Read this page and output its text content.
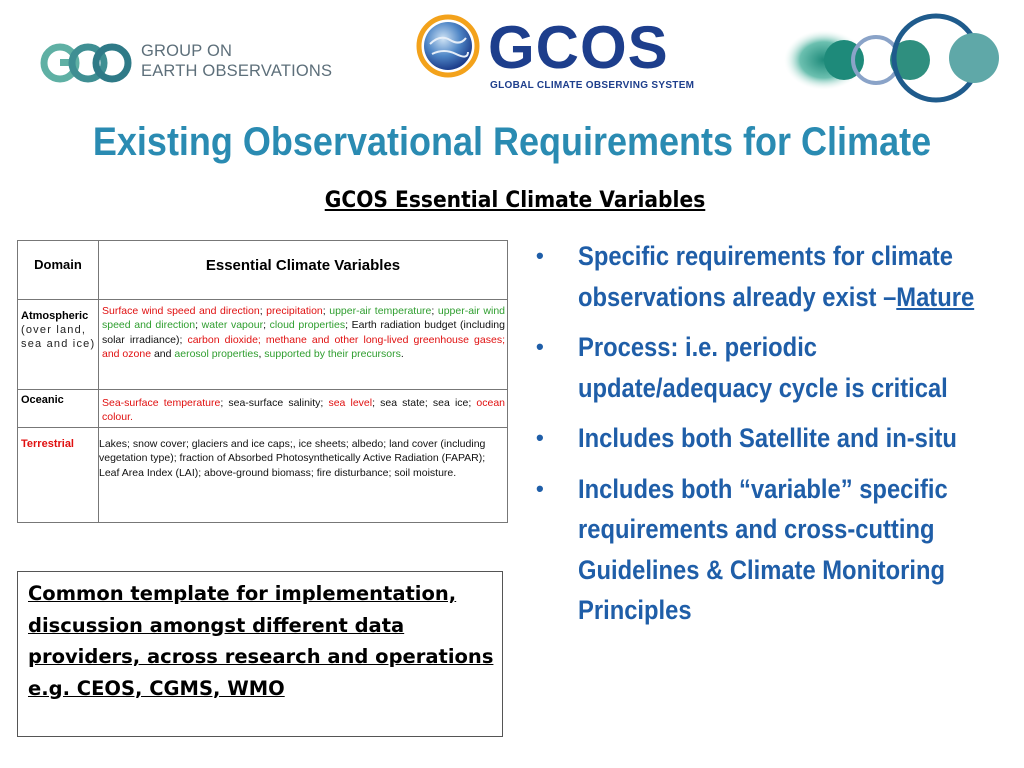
GROUP ON
EARTH OBSERVATIONS	GCOS
GLOBAL CLIMATE OBSERVING SYSTEM
Existing Observational Requirements for Climate
GCOS Essential Climate Variables
Domain	Essential Climate Variables
Atmospheric
(over land, sea and ice)	Surface wind speed and direction; precipitation; upper-air temperature; upper-air wind speed and direction; water vapour; cloud properties; Earth radiation budget (including solar irradiance); carbon dioxide; methane and other long-lived greenhouse gases; and ozone and aerosol properties, supported by their precursors.
Oceanic	Sea-surface temperature; sea-surface salinity; sea level; sea state; sea ice; ocean colour.
Terrestrial	Lakes; snow cover; glaciers and ice caps;, ice sheets; albedo; land cover (including vegetation type); fraction of Absorbed Photosynthetically Active Radiation (FAPAR); Leaf Area Index (LAI); above-ground biomass; fire disturbance; soil moisture.
Common template for implementation, discussion amongst different data providers, across research and operations e.g. CEOS, CGMS, WMO
• Specific requirements for climate observations already exist –Mature
• Process: i.e. periodic update/adequacy cycle is critical
• Includes both Satellite and in-situ
• Includes both “variable” specific requirements and cross-cutting Guidelines & Climate Monitoring Principles
